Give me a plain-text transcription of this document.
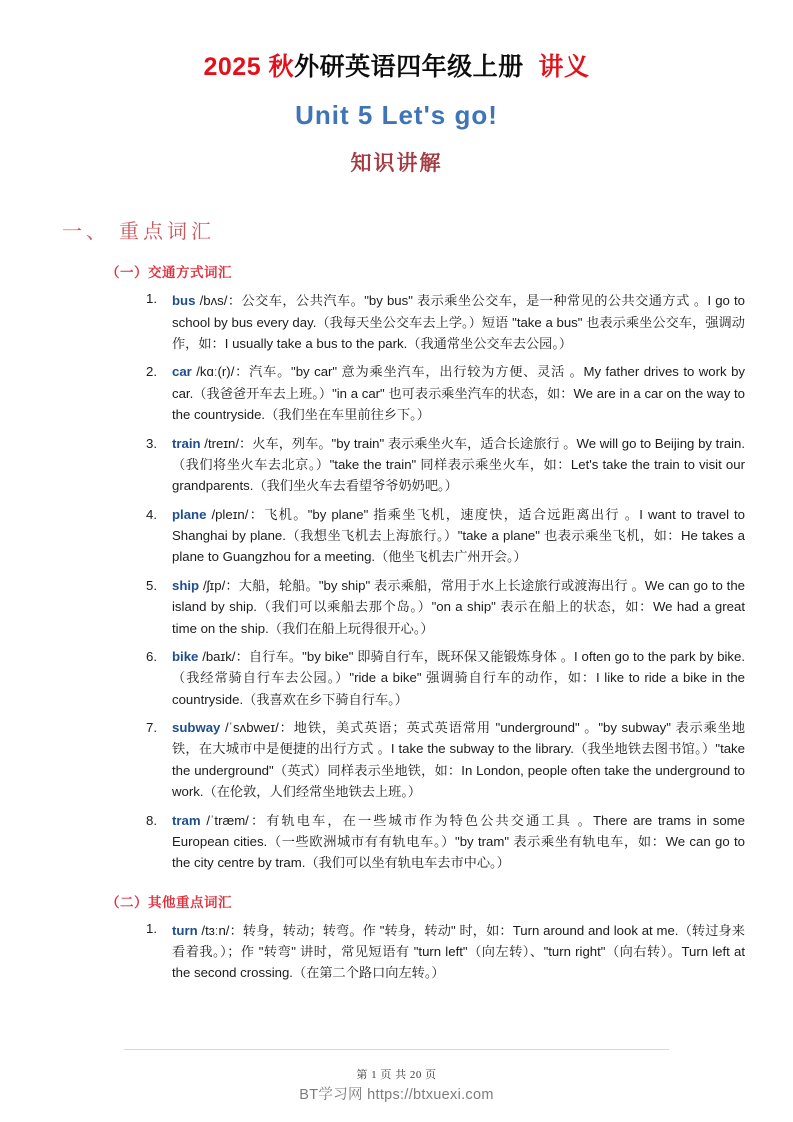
2025 秋外研英语四年级上册 讲义
Unit 5 Let's go!
知识讲解
一、 重点词汇
（一）交通方式词汇
bus /bʌs/：公交车，公共汽车。"by bus" 表示乘坐公交车，是一种常见的公共交通方式 。I go to school by bus every day.（我每天坐公交车去上学。）短语 "take a bus" 也表示乘坐公交车，强调动作，如：I usually take a bus to the park.（我通常坐公交车去公园。）
car /kɑː(r)/：汽车。"by car" 意为乘坐汽车，出行较为方便、灵活 。My father drives to work by car.（我爸爸开车去上班。）"in a car" 也可表示乘坐汽车的状态，如：We are in a car on the way to the countryside.（我们坐在车里前往乡下。）
train /treɪn/：火车，列车。"by train" 表示乘坐火车，适合长途旅行 。We will go to Beijing by train.（我们将坐火车去北京。）"take the train" 同样表示乘坐火车，如：Let's take the train to visit our grandparents.（我们坐火车去看望爷爷奶奶吧。）
plane /pleɪn/：飞机。"by plane" 指乘坐飞机，速度快，适合远距离出行 。I want to travel to Shanghai by plane.（我想坐飞机去上海旅行。）"take a plane" 也表示乘坐飞机，如：He takes a plane to Guangzhou for a meeting.（他坐飞机去广州开会。）
ship /ʃɪp/：大船，轮船。"by ship" 表示乘船，常用于水上长途旅行或渡海出行 。We can go to the island by ship.（我们可以乘船去那个岛。）"on a ship" 表示在船上的状态，如：We had a great time on the ship.（我们在船上玩得很开心。）
bike /baɪk/：自行车。"by bike" 即骑自行车，既环保又能锻炼身体 。I often go to the park by bike.（我经常骑自行车去公园。）"ride a bike" 强调骑自行车的动作，如：I like to ride a bike in the countryside.（我喜欢在乡下骑自行车。）
subway /ˈsʌbweɪ/：地铁，美式英语；英式英语常用 "underground" 。"by subway" 表示乘坐地铁，在大城市中是便捷的出行方式 。I take the subway to the library.（我坐地铁去图书馆。）"take the underground"（英式）同样表示坐地铁，如：In London, people often take the underground to work.（在伦敦，人们经常坐地铁去上班。）
tram /ˈtræm/：有轨电车，在一些城市作为特色公共交通工具 。There are trams in some European cities.（一些欧洲城市有有轨电车。）"by tram" 表示乘坐有轨电车，如：We can go to the city centre by tram.（我们可以坐有轨电车去市中心。）
（二）其他重点词汇
turn /tɜːn/：转身，转动；转弯。作 "转身，转动" 时，如：Turn around and look at me.（转过身来看着我。）；作 "转弯" 讲时，常见短语有 "turn left"（向左转）、"turn right"（向右转）。Turn left at the second crossing.（在第二个路口向左转。）

第 1 页 共 20 页

BT学习网 https://btxuexi.com
